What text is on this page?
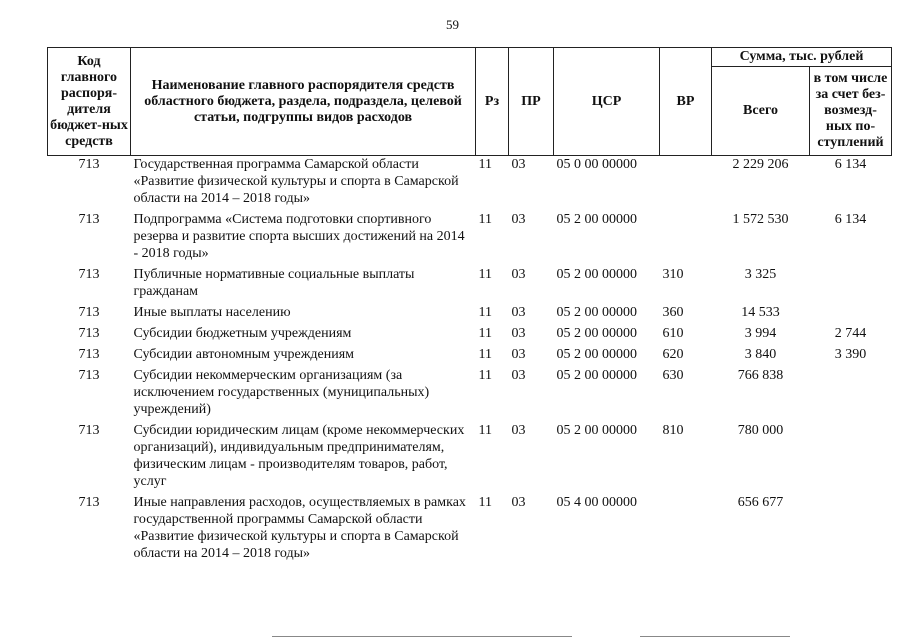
59
Код главного распоря-дителя бюджет-ных средств	Наименование главного распорядителя средств областного бюджета, раздела, подраздела, целевой статьи, подгруппы видов расходов	Рз	ПР	ЦСР	ВР	Сумма, тыс. рублей	
						Всего	в том числе за счет без-возмезд-ных по-ступлений
713	Государственная программа Самарской области «Развитие физической культуры и спорта в Самарской области на 2014 – 2018 годы»	11	03	05 0 00 00000		2 229 206	6 134
713	Подпрограмма «Система подготовки спортивного резерва и развитие спорта высших достижений на 2014 - 2018 годы»	11	03	05 2 00 00000		1 572 530	6 134
713	Публичные нормативные социальные выплаты гражданам	11	03	05 2 00 00000	310	3 325	
713	Иные выплаты населению	11	03	05 2 00 00000	360	14 533	
713	Субсидии бюджетным учреждениям	11	03	05 2 00 00000	610	3 994	2 744
713	Субсидии автономным учреждениям	11	03	05 2 00 00000	620	3 840	3 390
713	Субсидии некоммерческим организациям (за исключением государственных (муниципальных) учреждений)	11	03	05 2 00 00000	630	766 838	
713	Субсидии юридическим лицам (кроме некоммерческих организаций), индивидуальным предпринимателям, физическим лицам - производителям товаров, работ, услуг	11	03	05 2 00 00000	810	780 000	
713	Иные направления расходов, осуществляемых в рамках государственной программы Самарской области «Развитие физической культуры и спорта в Самарской области на 2014 – 2018 годы»	11	03	05 4 00 00000		656 677	
